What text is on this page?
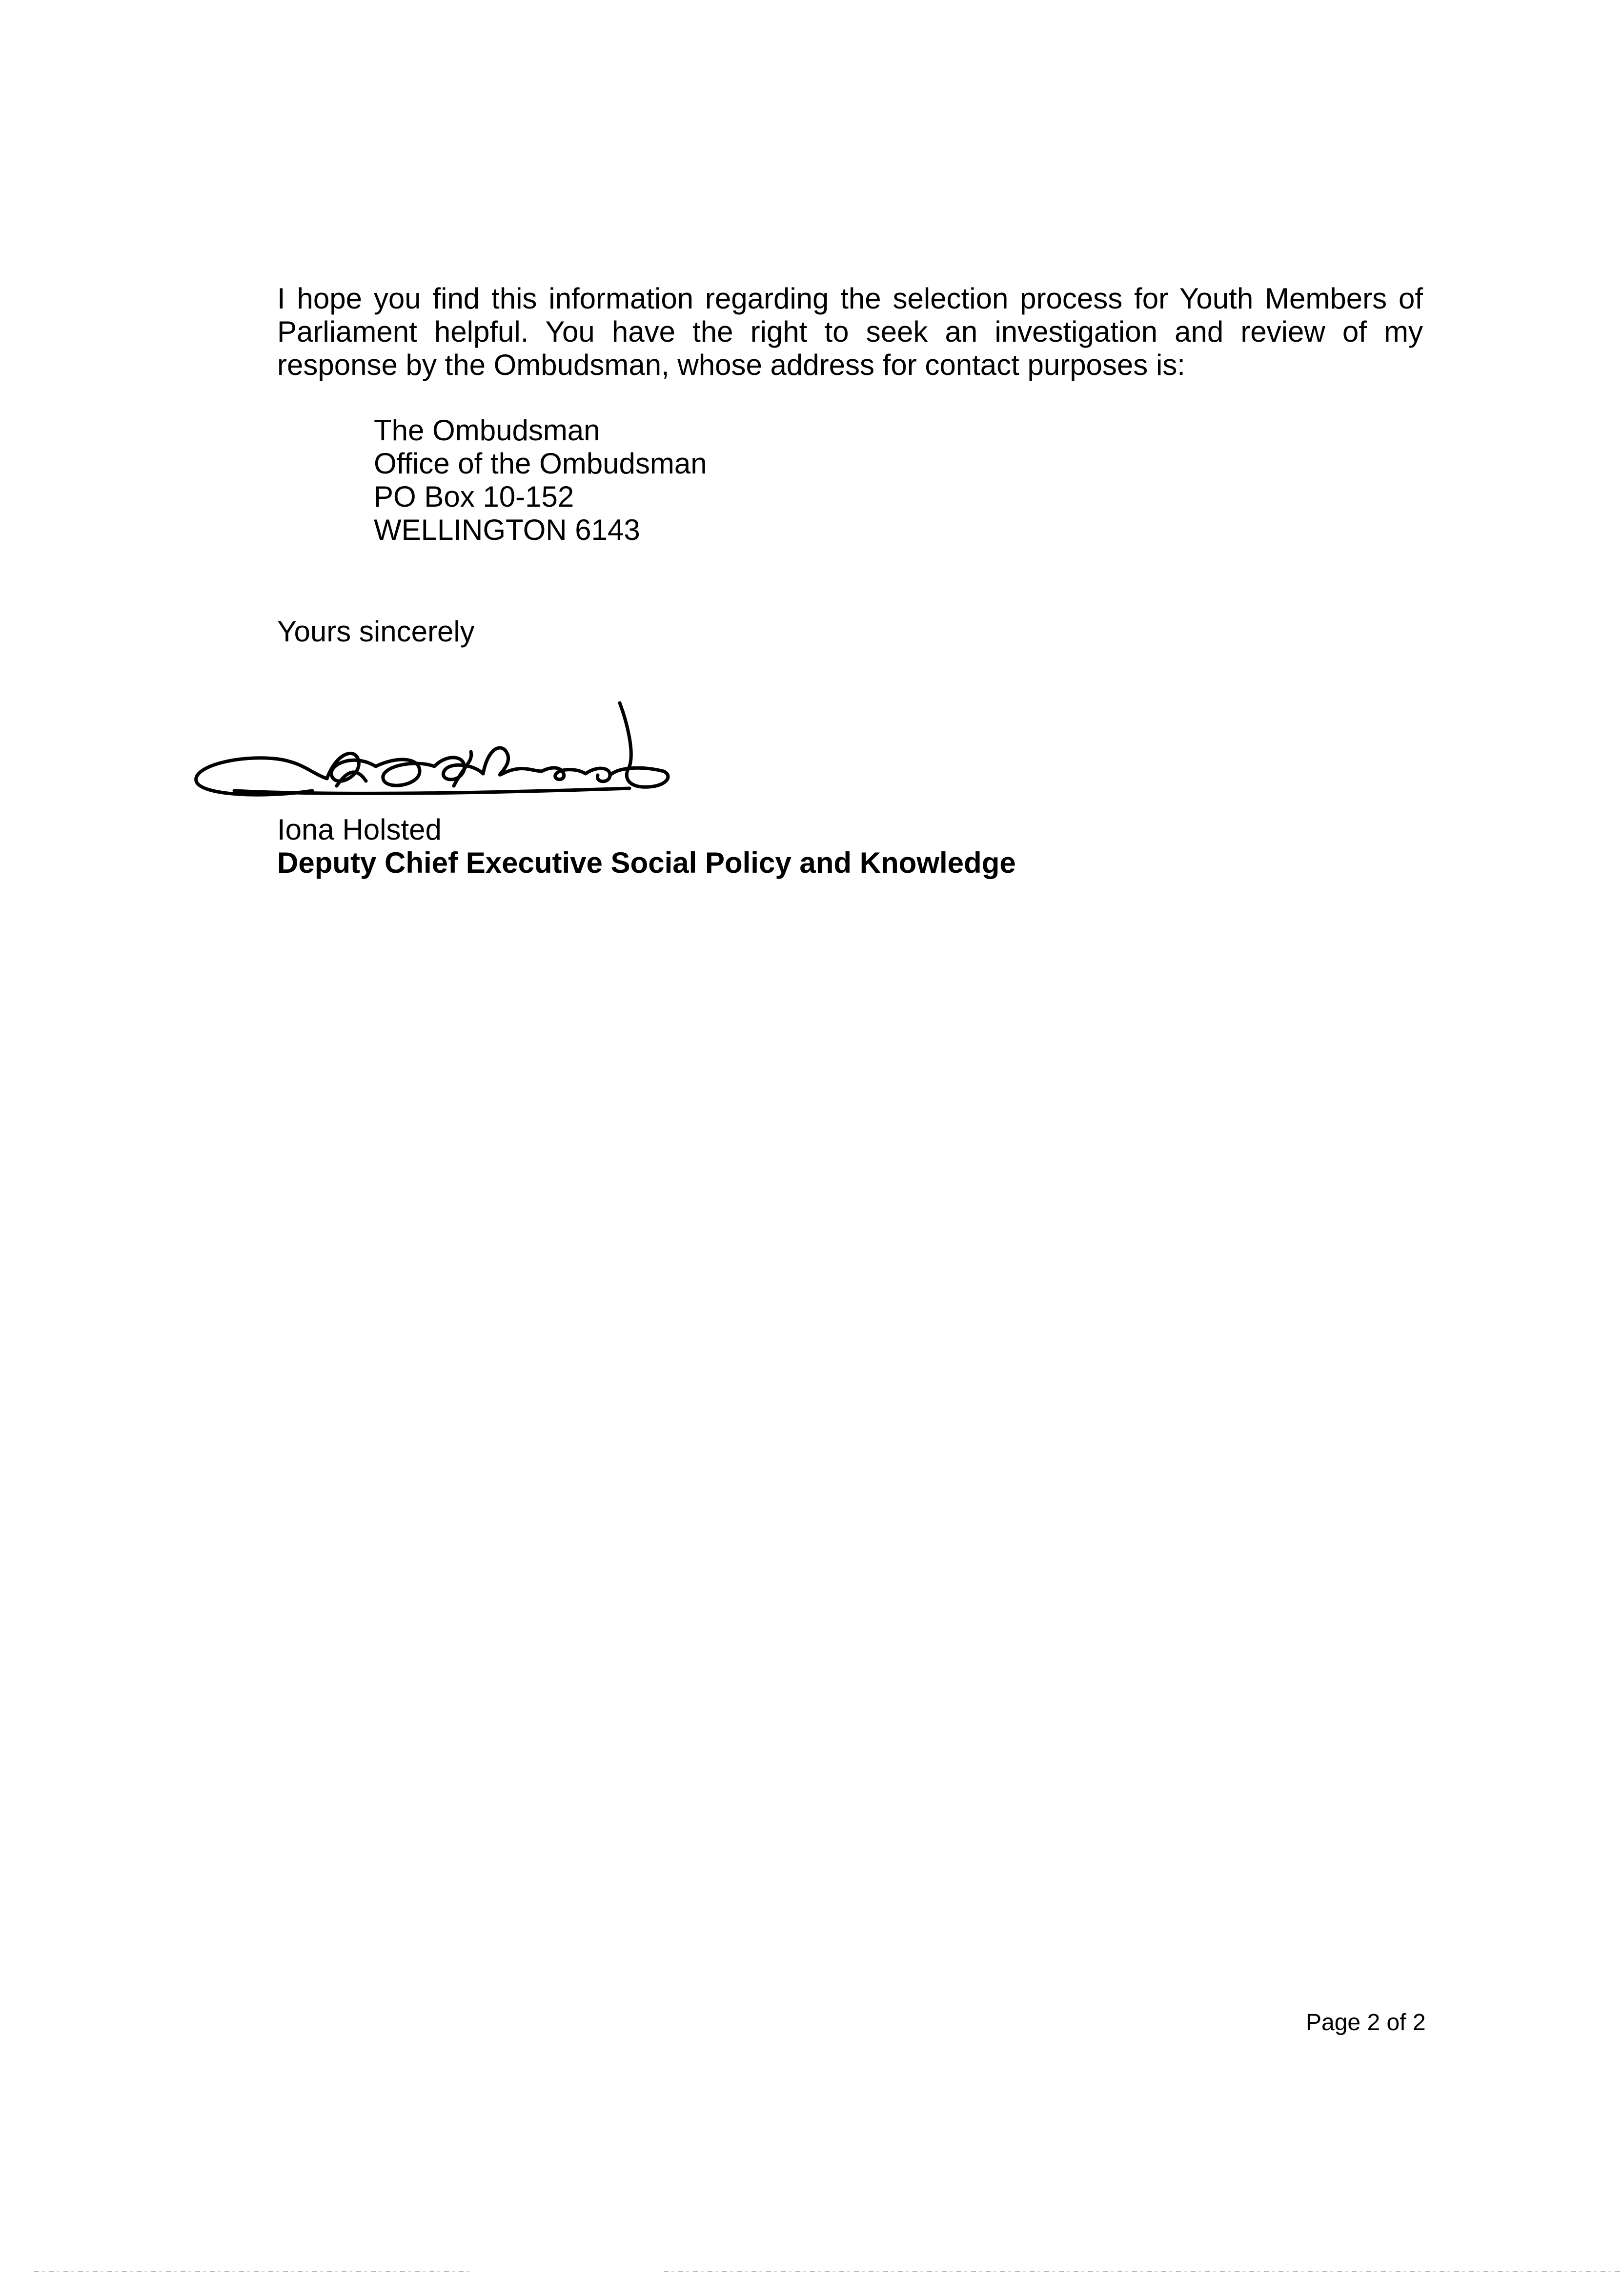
I hope you find this information regarding the selection process for Youth Members of Parliament helpful. You have the right to seek an investigation and review of my response by the Ombudsman, whose address for contact purposes is:

The Ombudsman
Office of the Ombudsman
PO Box 10-152
WELLINGTON 6143

Yours sincerely

Iona Holsted

Deputy Chief Executive Social Policy and Knowledge

Page 2 of 2
